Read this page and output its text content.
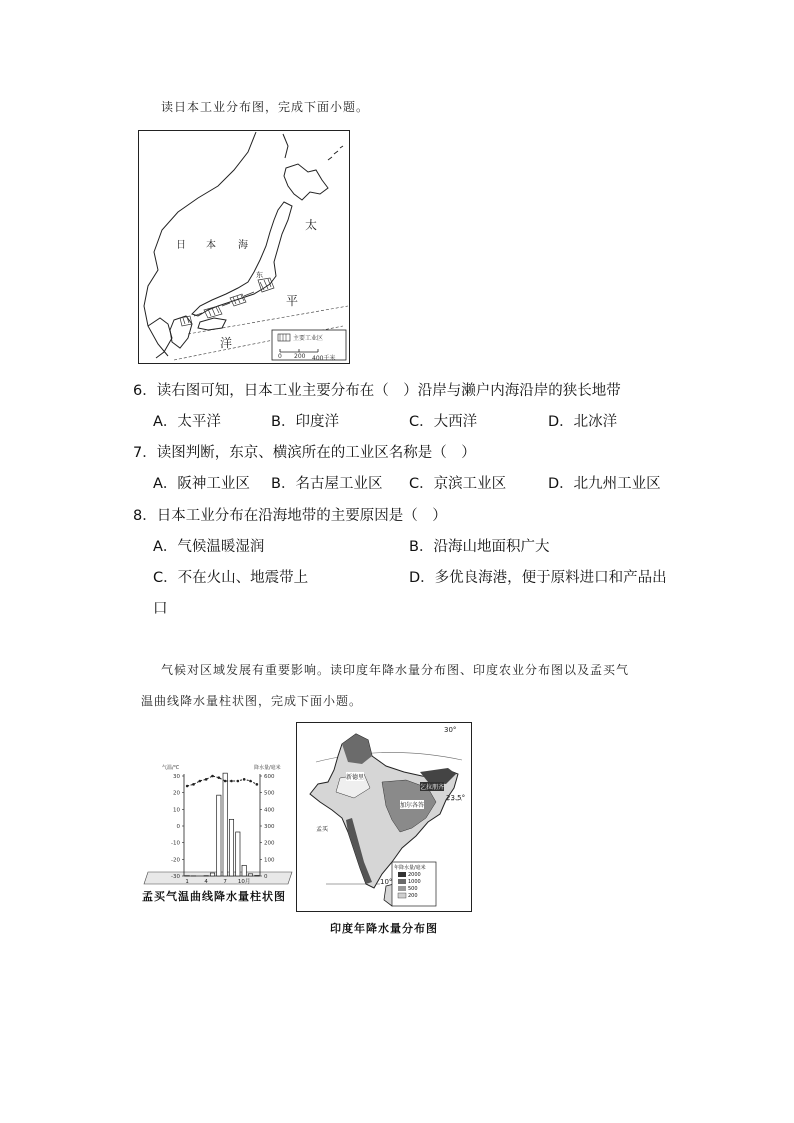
读日本工业分布图，完成下面小题。
日 本 海
太
平
洋
东
主要工业区
0 200 400千米
6．读右图可知，日本工业主要分布在（　）沿岸与濑户内海沿岸的狭长地带
A．太平洋	B．印度洋	C．大西洋	D．北冰洋
7．读图判断，东京、横滨所在的工业区名称是（　）
A．阪神工业区 B．名古屋工业区 C．京滨工业区	D．北九州工业区
8．日本工业分布在沿海地带的主要原因是（　）
A．气候温暖湿润	B．沿海山地面积广大
C．不在火山、地震带上	D．多优良海港，便于原料进口和产品出
口
气候对区域发展有重要影响。读印度年降水量分布图、印度农业分布图以及孟买气
温曲线降水量柱状图，完成下面小题。
30
20
10
0
-10
-20
-30
600
500
400
300
200
100
0
1	4	7 10月
气温/℃	降水量/毫米
孟买气温曲线降水量柱状图
30°
23.5°
10°
新德里
孟买
加尔各答
乞拉朋齐
年降水量/毫米
2000
1000
500
200
印度年降水量分布图
